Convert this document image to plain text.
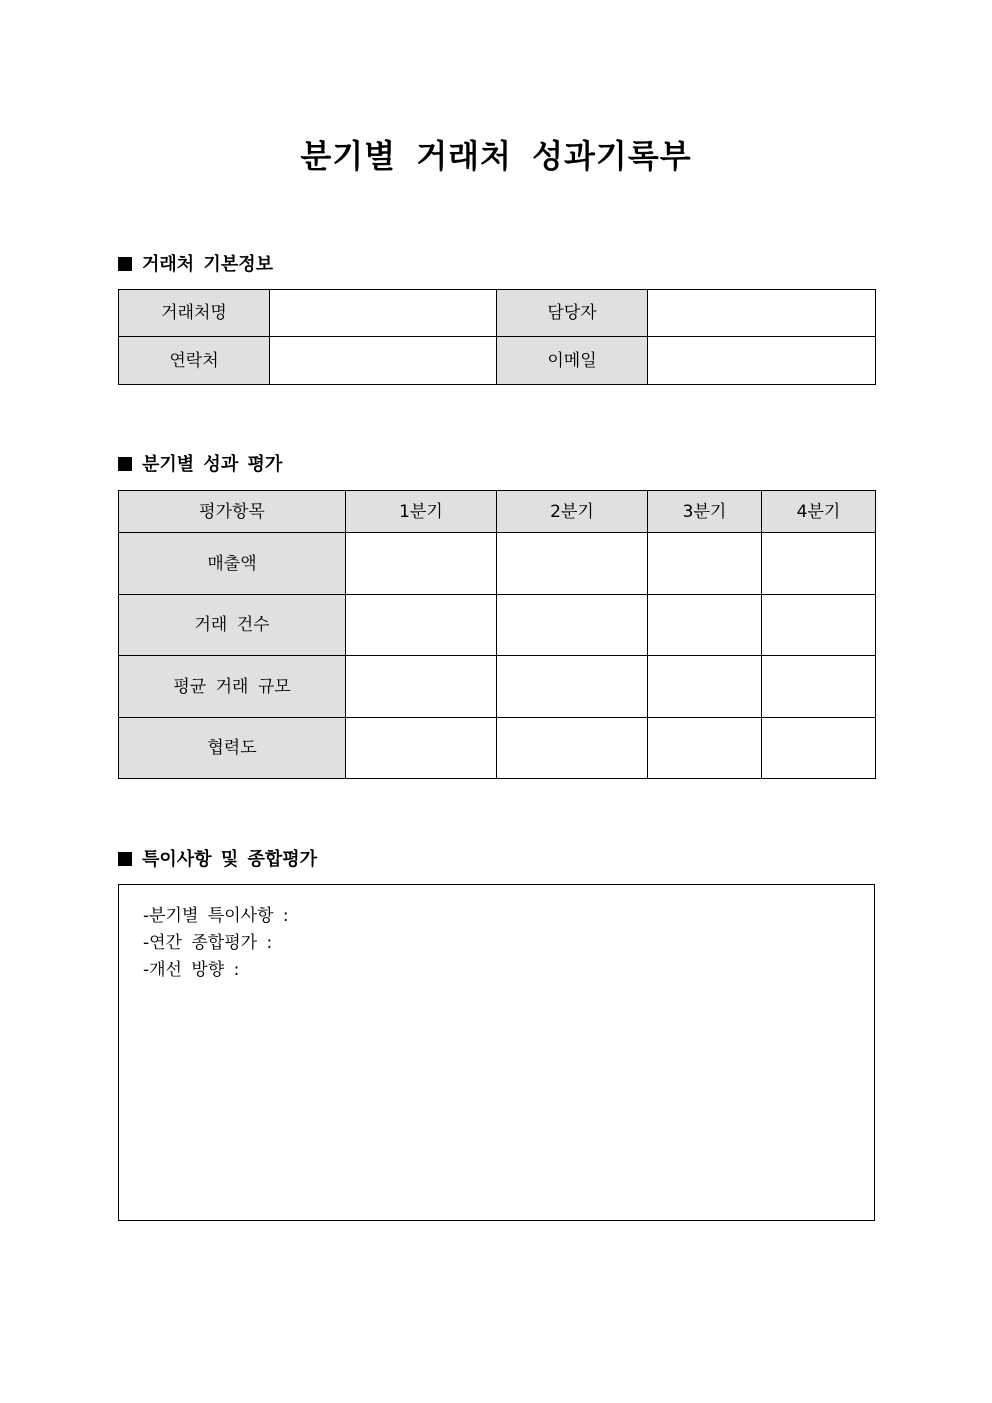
분기별 거래처 성과기록부
거래처 기본정보
거래처명		담당자	
연락처		이메일	
분기별 성과 평가
평가항목	1분기	2분기	3분기	4분기
매출액				
거래 건수				
평균 거래 규모				
협력도				
특이사항 및 종합평가
-분기별 특이사항 :
-연간 종합평가 :
-개선 방향 :
